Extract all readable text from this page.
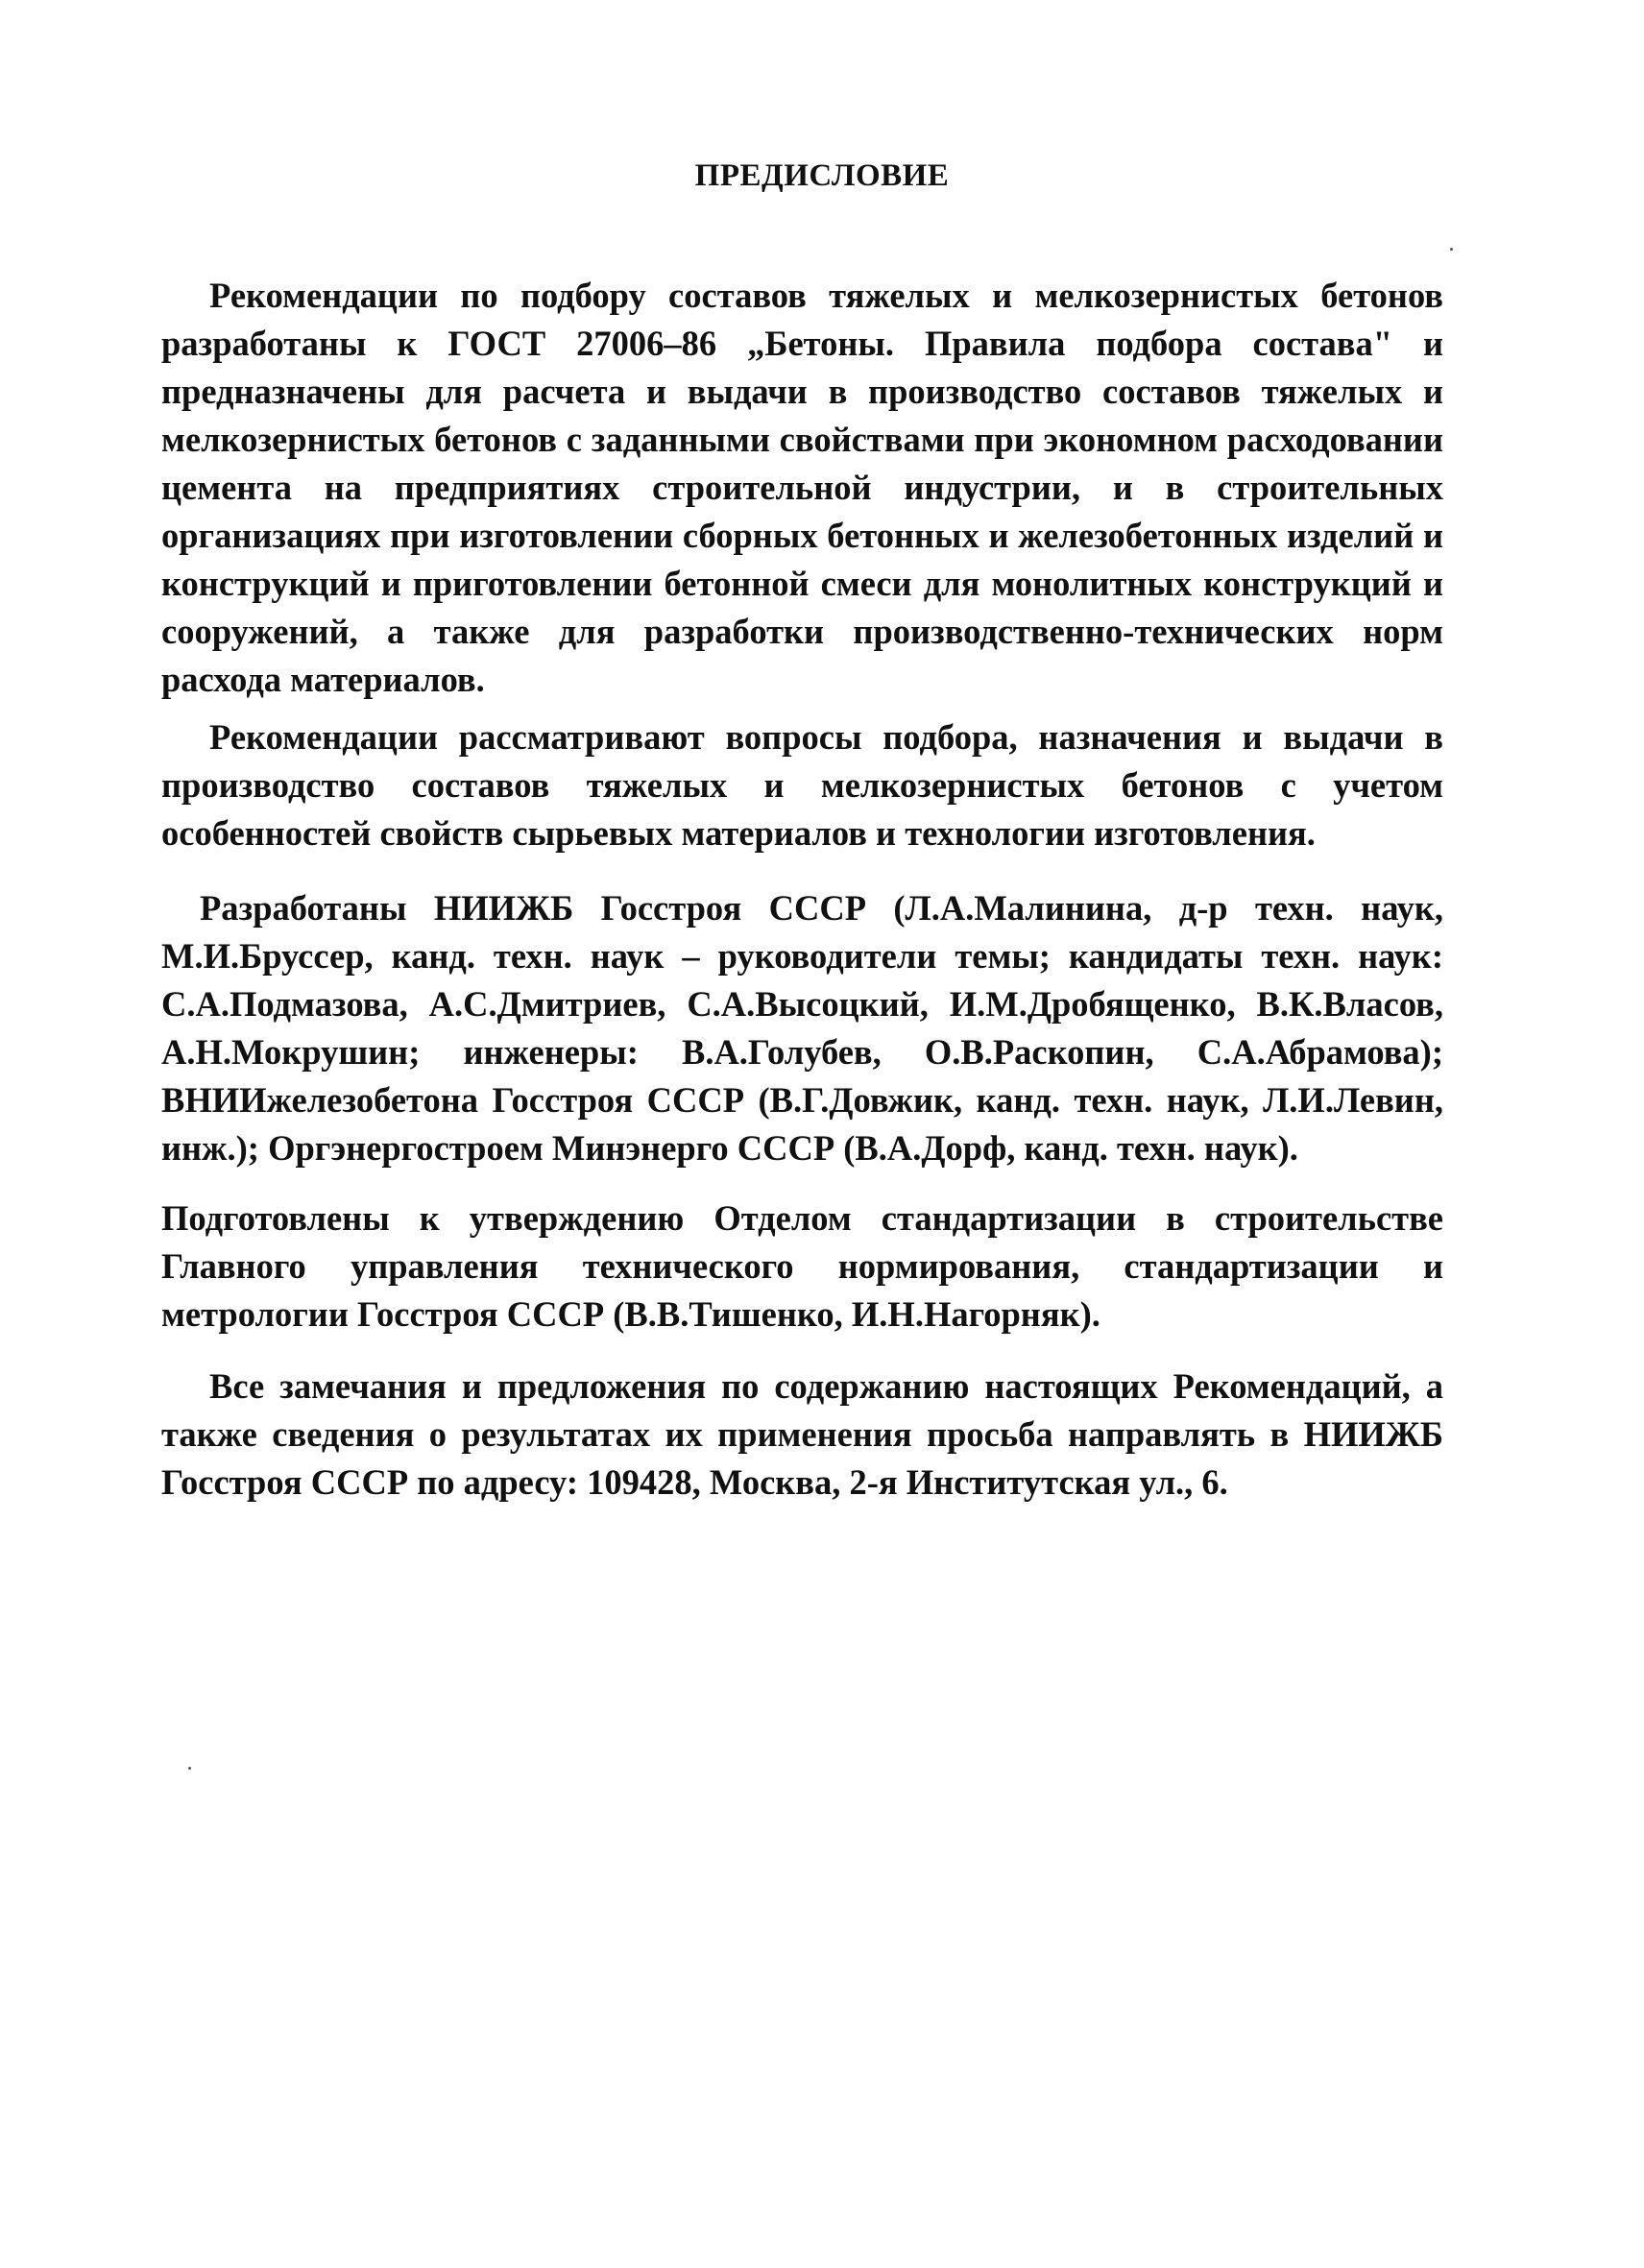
ПРЕДИСЛОВИЕ

Рекомендации по подбору составов тяжелых и мелкозернистых бетонов разработаны к ГОСТ 27006–86 „Бетоны. Правила подбора состава" и предназначены для расчета и выдачи в производство составов тяжелых и мелкозернистых бетонов с заданными свойствами при экономном расходовании цемента на предприятиях строительной индустрии, и в строительных организациях при изготовлении сборных бетонных и железобетонных изделий и конструкций и приготовлении бетонной смеси для монолитных конструкций и сооружений, а также для разработки производственно-технических норм расхода материалов.

Рекомендации рассматривают вопросы подбора, назначения и выдачи в производство составов тяжелых и мелкозернистых бетонов с учетом особенностей свойств сырьевых материалов и технологии изготовления.

Разработаны НИИЖБ Госстроя СССР (Л.А.Малинина, д-р техн. наук, М.И.Бруссер, канд. техн. наук – руководители темы; кандидаты техн. наук: С.А.Подмазова, А.С.Дмитриев, С.А.Высоцкий, И.М.Дробященко, В.К.Власов, А.Н.Мокрушин; инженеры: В.А.Голубев, О.В.Раскопин, С.А.Абрамова); ВНИИжелезобетона Госстроя СССР (В.Г.Довжик, канд. техн. наук, Л.И.Левин, инж.); Оргэнергостроем Минэнерго СССР (В.А.Дорф, канд. техн. наук).

Подготовлены к утверждению Отделом стандартизации в строительстве Главного управления технического нормирования, стандартизации и метрологии Госстроя СССР (В.В.Тишенко, И.Н.Нагорняк).

Все замечания и предложения по содержанию настоящих Рекомендаций, а также сведения о результатах их применения просьба направлять в НИИЖБ Госстроя СССР по адресу: 109428, Москва, 2-я Институтская ул., 6.
